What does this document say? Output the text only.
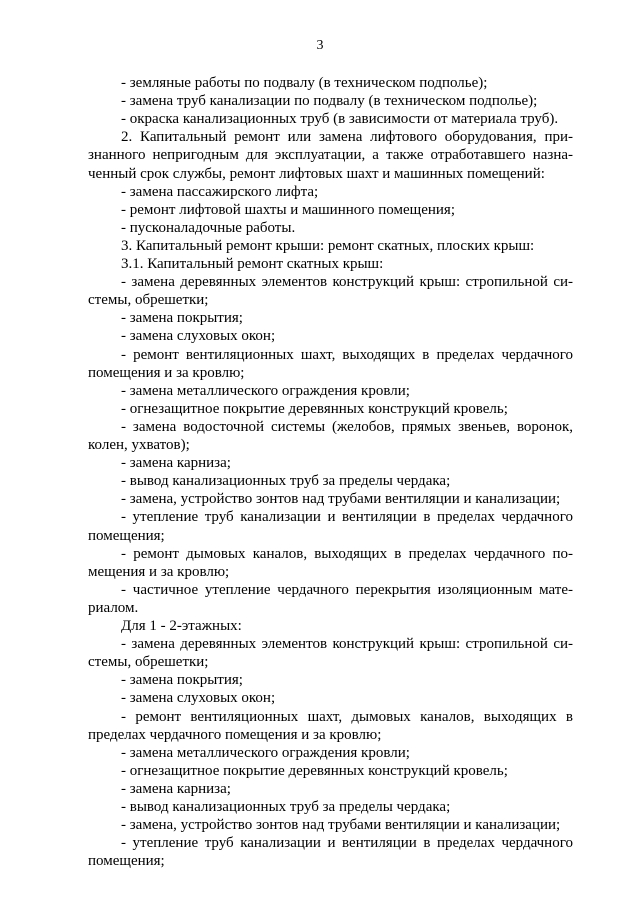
3
- земляные работы по подвалу (в техническом подполье);
- замена труб канализации по подвалу (в техническом подполье);
- окраска канализационных труб (в зависимости от материала труб).
2. Капитальный ремонт или замена лифтового оборудования, при-
знанного непригодным для эксплуатации, а также отработавшего назна-
ченный срок службы, ремонт лифтовых шахт и машинных помещений:
- замена пассажирского лифта;
- ремонт лифтовой шахты и машинного помещения;
- пусконаладочные работы.
3. Капитальный ремонт крыши: ремонт скатных, плоских крыш:
3.1. Капитальный ремонт скатных крыш:
- замена деревянных элементов конструкций крыш: стропильной си-
стемы, обрешетки;
- замена покрытия;
- замена слуховых окон;
- ремонт вентиляционных шахт, выходящих в пределах чердачного
помещения и за кровлю;
- замена металлического ограждения кровли;
- огнезащитное покрытие деревянных конструкций кровель;
- замена водосточной системы (желобов, прямых звеньев, воронок,
колен, ухватов);
- замена карниза;
- вывод канализационных труб за пределы чердака;
- замена, устройство зонтов над трубами вентиляции и канализации;
- утепление труб канализации и вентиляции в пределах чердачного
помещения;
- ремонт дымовых каналов, выходящих в пределах чердачного по-
мещения и за кровлю;
- частичное утепление чердачного перекрытия изоляционным мате-
риалом.
Для 1 - 2-этажных:
- замена деревянных элементов конструкций крыш: стропильной си-
стемы, обрешетки;
- замена покрытия;
- замена слуховых окон;
- ремонт вентиляционных шахт, дымовых каналов, выходящих в
пределах чердачного помещения и за кровлю;
- замена металлического ограждения кровли;
- огнезащитное покрытие деревянных конструкций кровель;
- замена карниза;
- вывод канализационных труб за пределы чердака;
- замена, устройство зонтов над трубами вентиляции и канализации;
- утепление труб канализации и вентиляции в пределах чердачного
помещения;
